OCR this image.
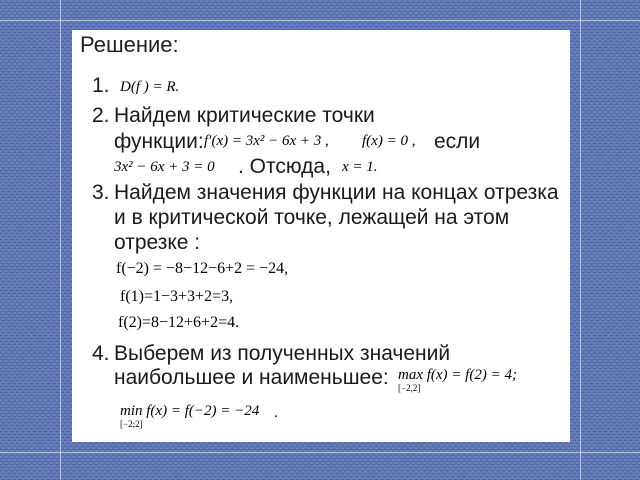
Решение:
1. D(f ) = R.
2. Найдем критические точки
функции: f′(x) = 3x² − 6x + 3 , f(x) = 0 , если
3x² − 6x + 3 = 0 . Отсюда, x = 1.
3. Найдем значения функции на концах отрезка
и в критической точке, лежащей на этом
отрезке :
f(−2) = −8−12−6+2 = −24,
f(1)=1−3+3+2=3,
f(2)=8−12+6+2=4.
4. Выберем из полученных значений
наибольшее и наименьшее: max f(x) = f(2) = 4;
[−2,2]
min f(x) = f(−2) = −24
[−2;2]
.
